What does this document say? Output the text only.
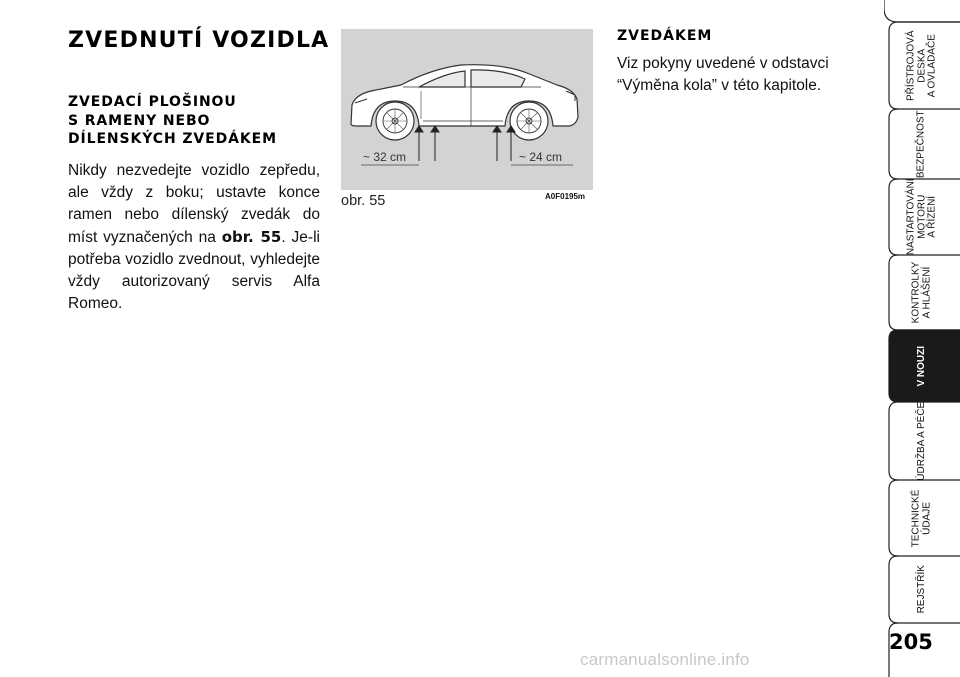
ZVEDNUTÍ VOZIDLA
ZVEDACÍ PLOŠINOU
S RAMENY NEBO
DÍLENSKÝCH ZVEDÁKEM

Nikdy nezvedejte vozidlo zepředu, ale vždy z boku; ustavte konce ramen nebo dílenský zvedák do míst vyznačených na obr. 55. Je-li potřeba vozidlo zvednout, vyhledejte vždy autorizovaný servis Alfa Romeo.

~ 32 cm	~ 24 cm
obr. 55	A0F0195m
ZVEDÁKEM

Viz pokyny uvedené v odstavci “Výměna kola” v této kapitole.	PŘÍSTROJOVÁ
DESKA
A OVLADAČE
BEZPEČNOST
NASTARTOVÁNÍ
MOTORU
A ŘÍZENÍ
KONTROLKY
A HLÁŠENÍ
V NOUZI
ÚDRŽBA A PÉČE
TECHNICKÉ
ÚDAJE
REJSTŘÍK
205
carmanualsonline.info
